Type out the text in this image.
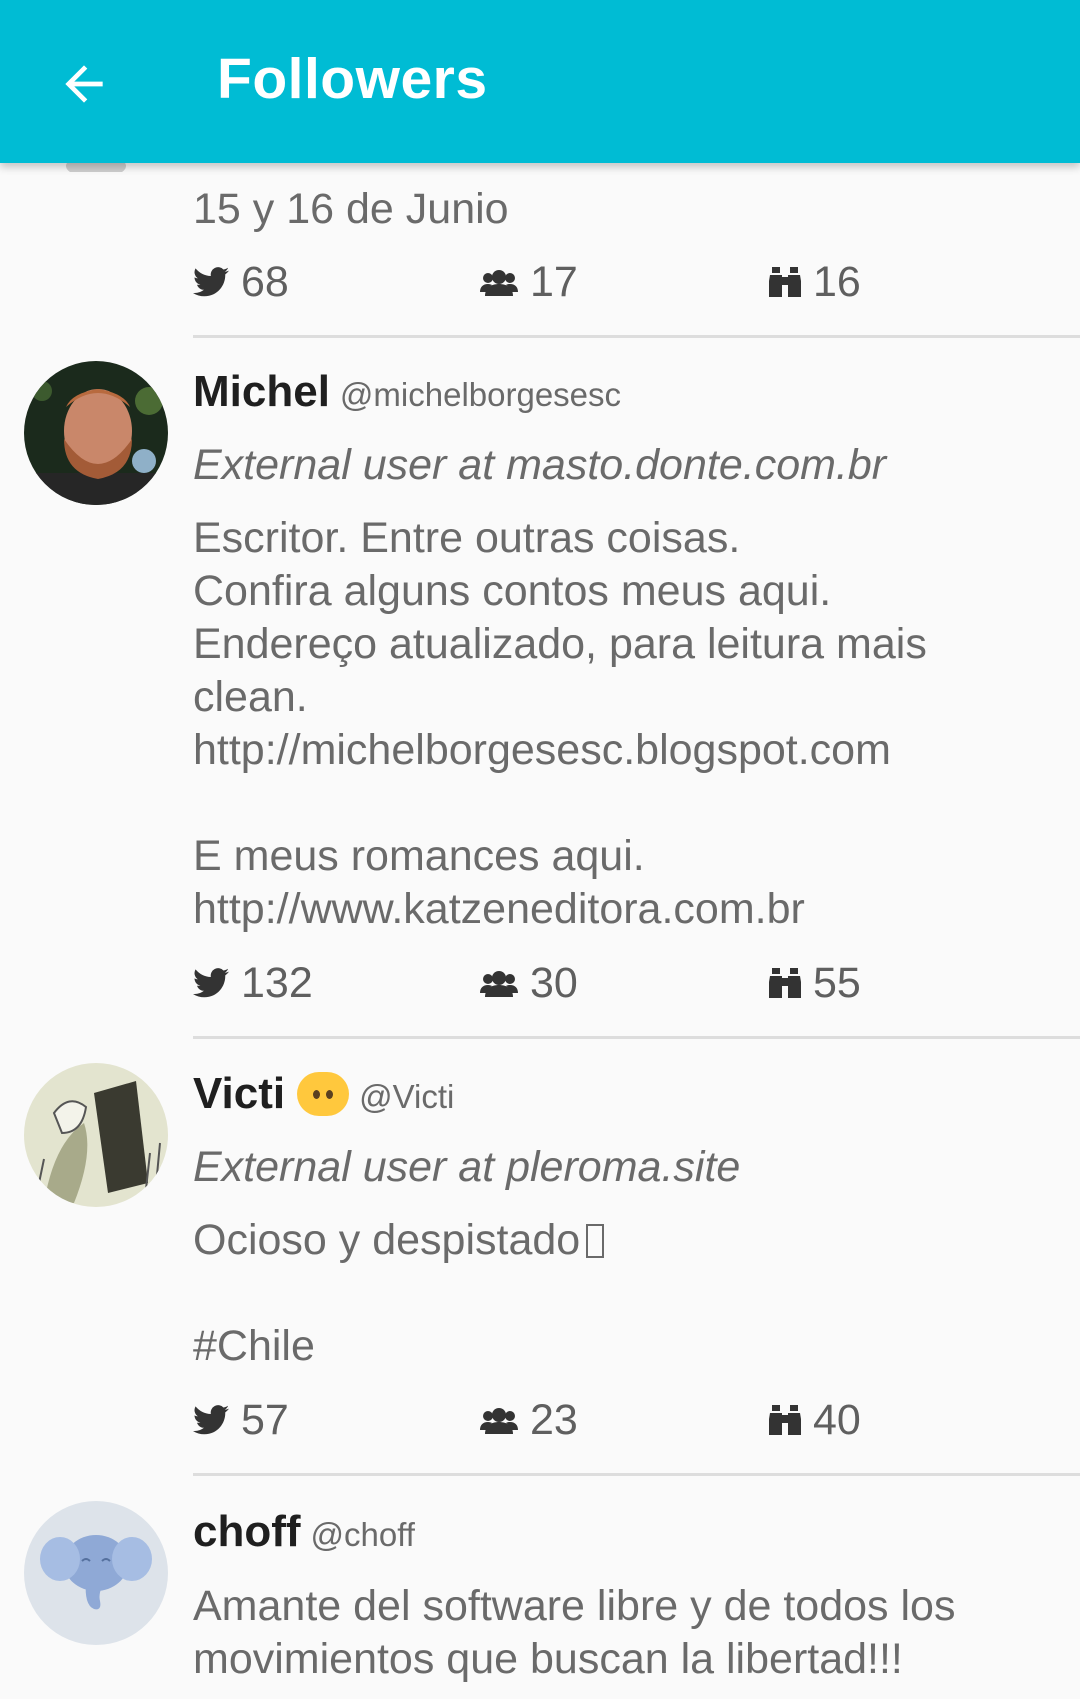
Followers
15 y 16 de Junio
68	17	16
Michel @michelborgesesc
External user at masto.donte.com.br

Escritor. Entre outras coisas.

Confira alguns contos meus aqui.

Endereço atualizado, para leitura mais

clean.

http://michelborgesesc.blogspot.com

E meus romances aqui.

http://www.katzeneditora.com.br

132	30	55
Victi @Victi
External user at pleroma.site

Ocioso y despistado

#Chile

57	23	40
choff @choff

Amante del software libre y de todos los

movimientos que buscan la libertad!!!
